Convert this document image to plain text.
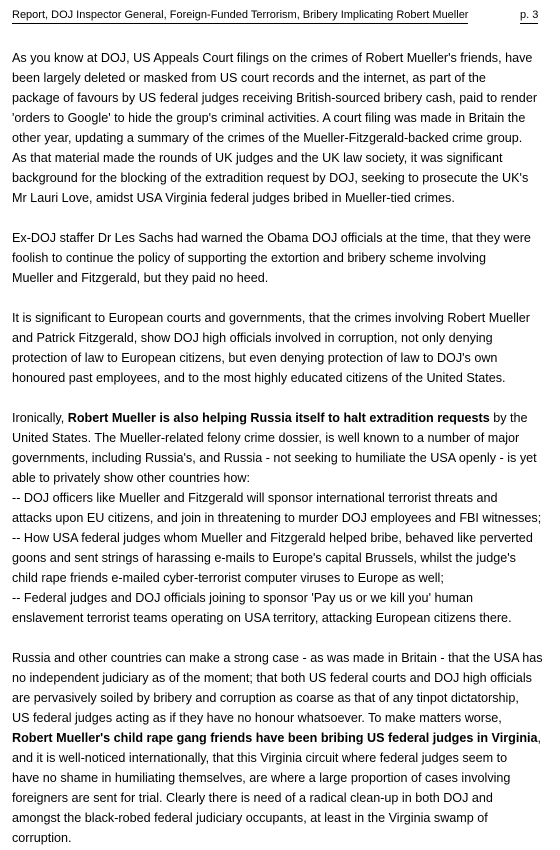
Report, DOJ Inspector General, Foreign-Funded Terrorism, Bribery Implicating Robert Mueller	p. 3
As you know at DOJ, US Appeals Court filings on the crimes of Robert Mueller's friends, have
been largely deleted or masked from US court records and the internet, as part of the
package of favours by US federal judges receiving British-sourced bribery cash, paid to render
'orders to Google' to hide the group's criminal activities. A court filing was made in Britain the
other year, updating a summary of the crimes of the Mueller-Fitzgerald-backed crime group.
As that material made the rounds of UK judges and the UK law society, it was significant
background for the blocking of the extradition request by DOJ, seeking to prosecute the UK's
Mr Lauri Love, amidst USA Virginia federal judges bribed in Mueller-tied crimes.
Ex-DOJ staffer Dr Les Sachs had warned the Obama DOJ officials at the time, that they were
foolish to continue the policy of supporting the extortion and bribery scheme involving
Mueller and Fitzgerald, but they paid no heed.
It is significant to European courts and governments, that the crimes involving Robert Mueller
and Patrick Fitzgerald, show DOJ high officials involved in corruption, not only denying
protection of law to European citizens, but even denying protection of law to DOJ's own
honoured past employees, and to the most highly educated citizens of the United States.
Ironically, Robert Mueller is also helping Russia itself to halt extradition requests by the
United States. The Mueller-related felony crime dossier, is well known to a number of major
governments, including Russia's, and Russia - not seeking to humiliate the USA openly - is yet
able to privately show other countries how:
-- DOJ officers like Mueller and Fitzgerald will sponsor international terrorist threats and
attacks upon EU citizens, and join in threatening to murder DOJ employees and FBI witnesses;
-- How USA federal judges whom Mueller and Fitzgerald helped bribe, behaved like perverted
goons and sent strings of harassing e-mails to Europe's capital Brussels, whilst the judge's
child rape friends e-mailed cyber-terrorist computer viruses to Europe as well;
-- Federal judges and DOJ officials joining to sponsor 'Pay us or we kill you' human
enslavement terrorist teams operating on USA territory, attacking European citizens there.
Russia and other countries can make a strong case - as was made in Britain - that the USA has
no independent judiciary as of the moment; that both US federal courts and DOJ high officials
are pervasively soiled by bribery and corruption as coarse as that of any tinpot dictatorship,
US federal judges acting as if they have no honour whatsoever. To make matters worse,
Robert Mueller's child rape gang friends have been bribing US federal judges in Virginia,
and it is well-noticed internationally, that this Virginia circuit where federal judges seem to
have no shame in humiliating themselves, are where a large proportion of cases involving
foreigners are sent for trial. Clearly there is need of a radical clean-up in both DOJ and
amongst the black-robed federal judiciary occupants, at least in the Virginia swamp of
corruption.
